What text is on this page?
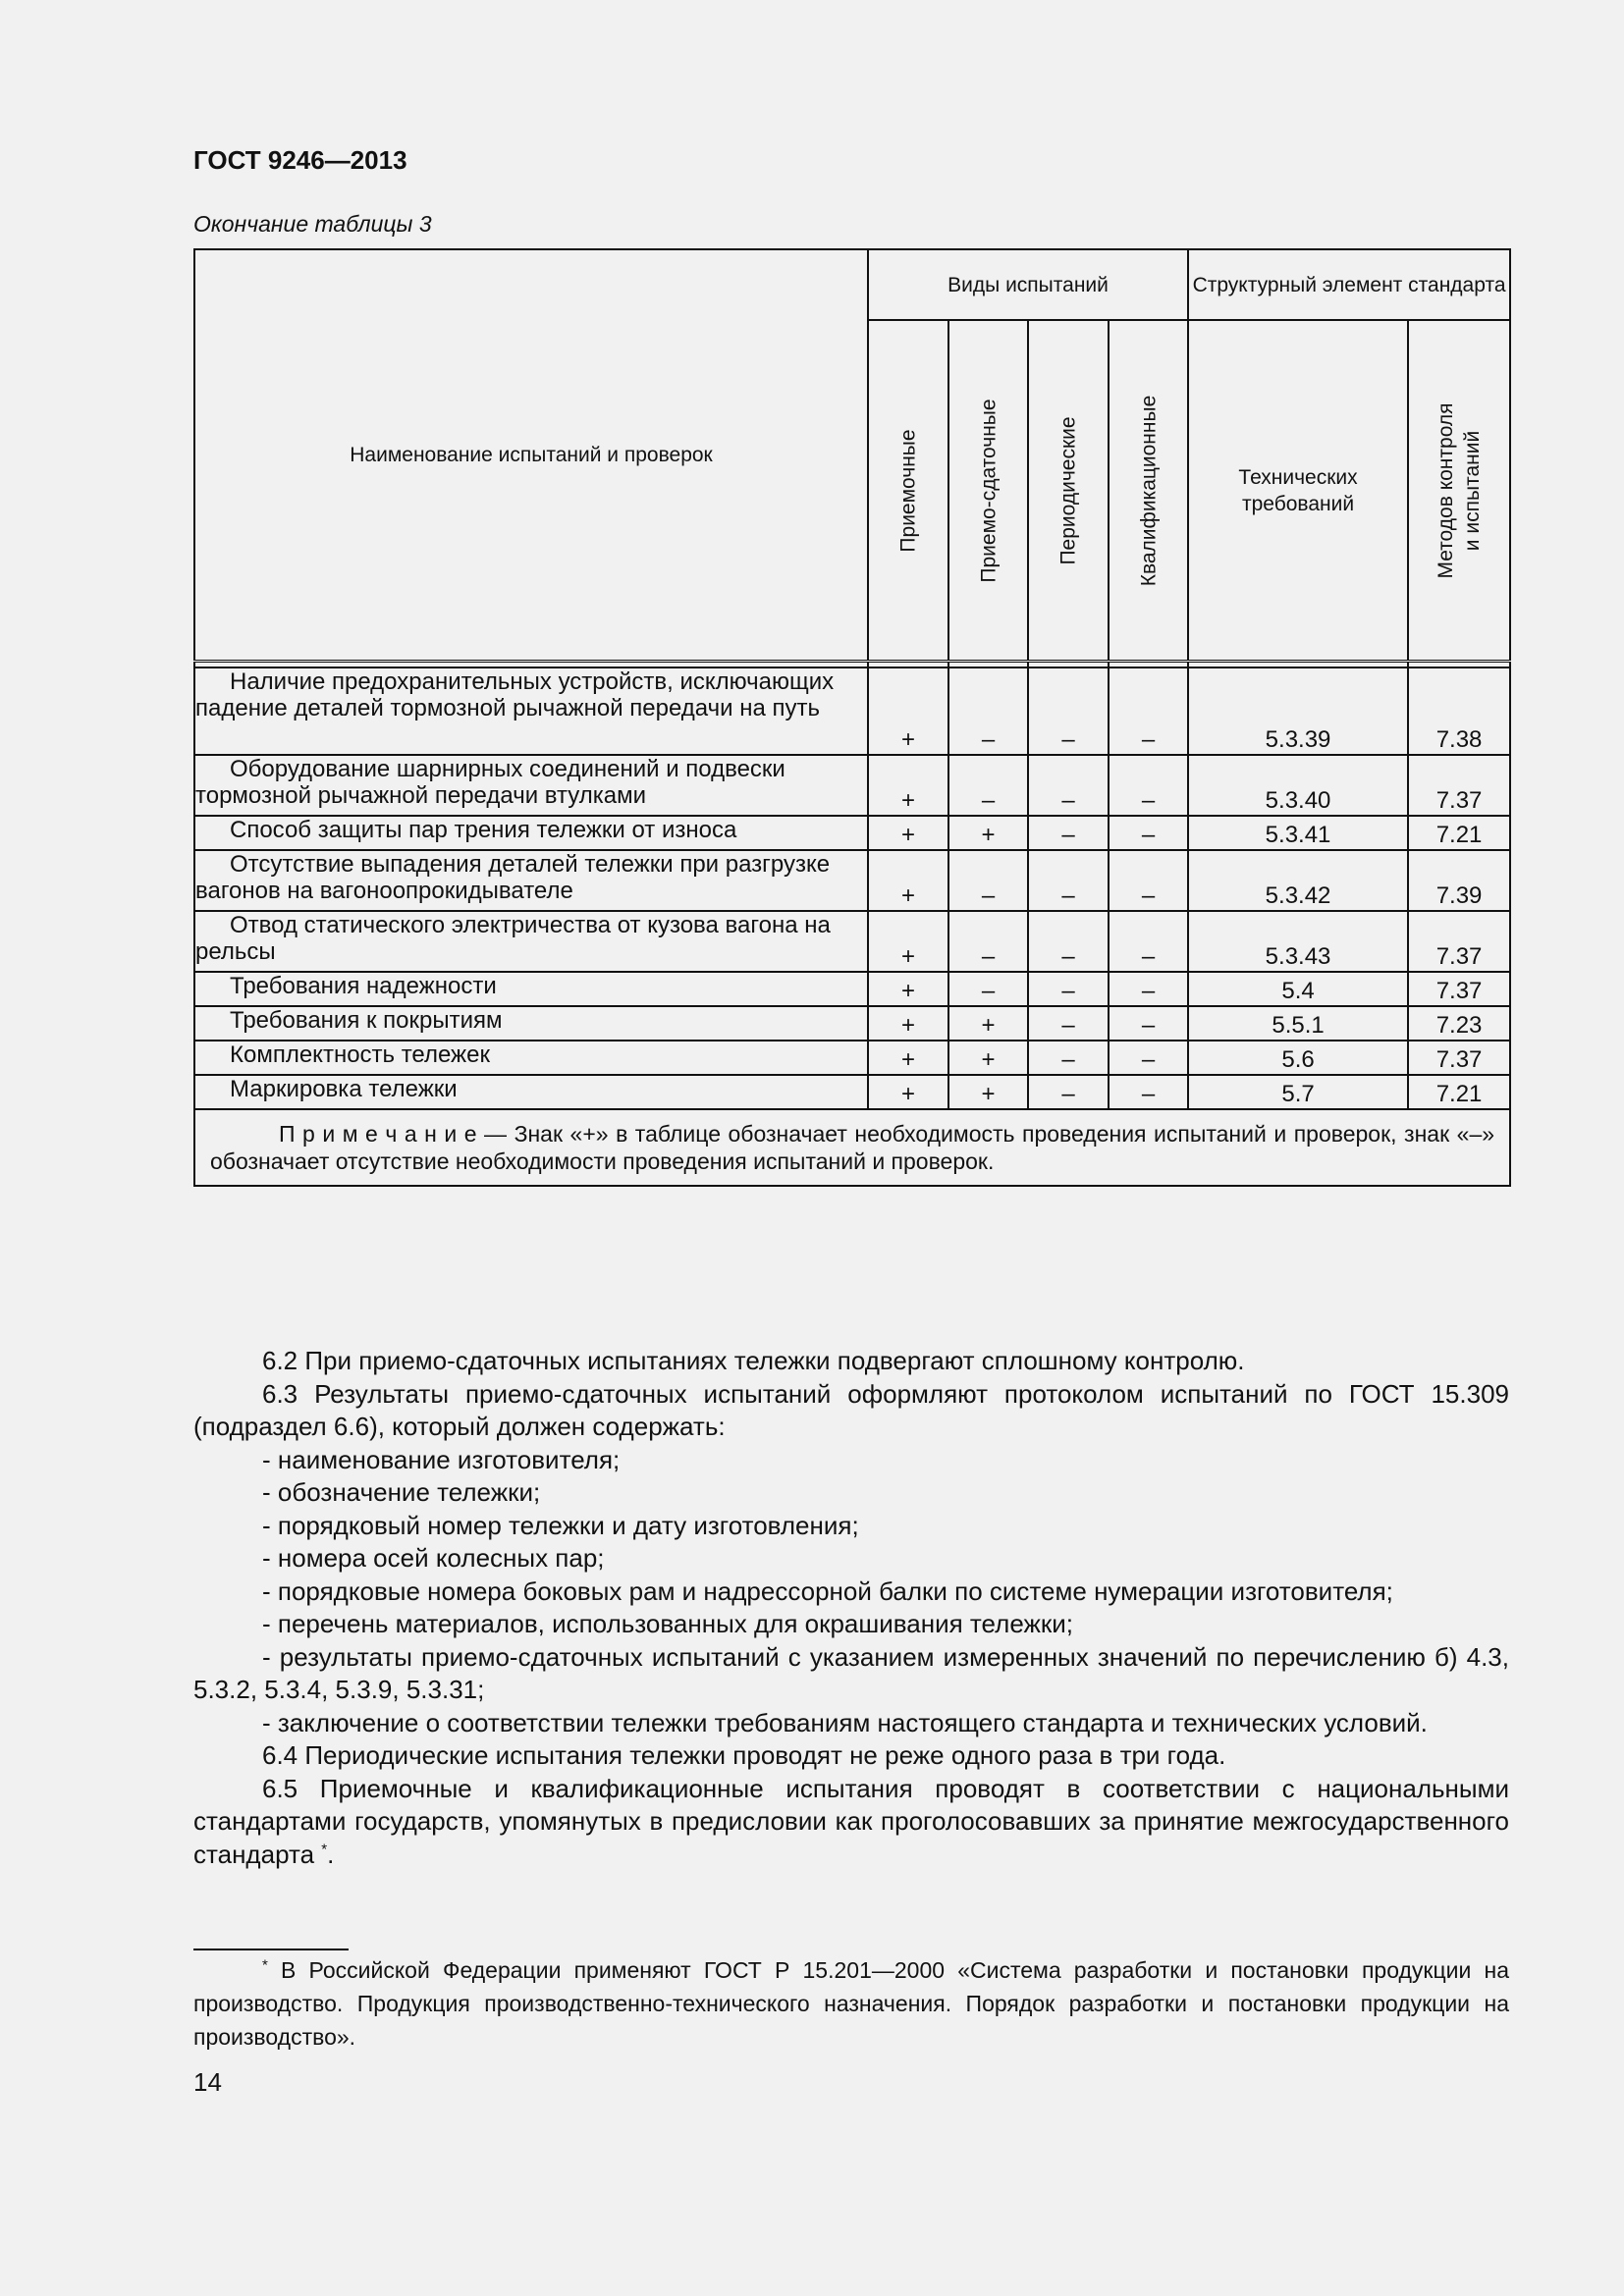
ГОСТ 9246—2013
Окончание таблицы 3
Наименование испытаний и проверок	Виды испытаний				Структурный элемент стандарта	

	Приемочные	Приемо-сдаточные	Периодические	Квалификационные	Технических требований	Методов контроля и испытаний

Наличие предохранительных устройств, исключающих падение деталей тормозной рычажной передачи на путь	+	–	–	–	5.3.39	7.38
Оборудование шарнирных соединений и подвески тормозной рычажной передачи втулками	+	–	–	–	5.3.40	7.37
Способ защиты пар трения тележки от износа	+	+	–	–	5.3.41	7.21
Отсутствие выпадения деталей тележки при разгрузке вагонов на вагоноопрокидывателе	+	–	–	–	5.3.42	7.39
Отвод статического электричества от кузова вагона на рельсы	+	–	–	–	5.3.43	7.37
Требования надежности	+	–	–	–	5.4	7.37
Требования к покрытиям	+	+	–	–	5.5.1	7.23
Комплектность тележек	+	+	–	–	5.6	7.37
Маркировка тележки	+	+	–	–	5.7	7.21

П р и м е ч а н и е — Знак «+» в таблице обозначает необходимость проведения испытаний и проверок, знак «–» обозначает отсутствие необходимости проведения испытаний и проверок.						

6.2 При приемо-сдаточных испытаниях тележки подвергают сплошному контролю.

6.3 Результаты приемо-сдаточных испытаний оформляют протоколом испытаний по ГОСТ 15.309 (подраздел 6.6), который должен содержать:

- наименование изготовителя;

- обозначение тележки;

- порядковый номер тележки и дату изготовления;

- номера осей колесных пар;

- порядковые номера боковых рам и надрессорной балки по системе нумерации изготовителя;

- перечень материалов, использованных для окрашивания тележки;

- результаты приемо-сдаточных испытаний с указанием измеренных значений по перечислению б) 4.3, 5.3.2, 5.3.4, 5.3.9, 5.3.31;

- заключение о соответствии тележки требованиям настоящего стандарта и технических условий.

6.4 Периодические испытания тележки проводят не реже одного раза в три года.

6.5 Приемочные и квалификационные испытания проводят в соответствии с национальными стандартами государств, упомянутых в предисловии как проголосовавших за принятие межгосударственного стандарта *.

* В Российской Федерации применяют ГОСТ Р 15.201—2000 «Система разработки и постановки продукции на производство. Продукция производственно-технического назначения. Порядок разработки и постановки продукции на производство».
14
